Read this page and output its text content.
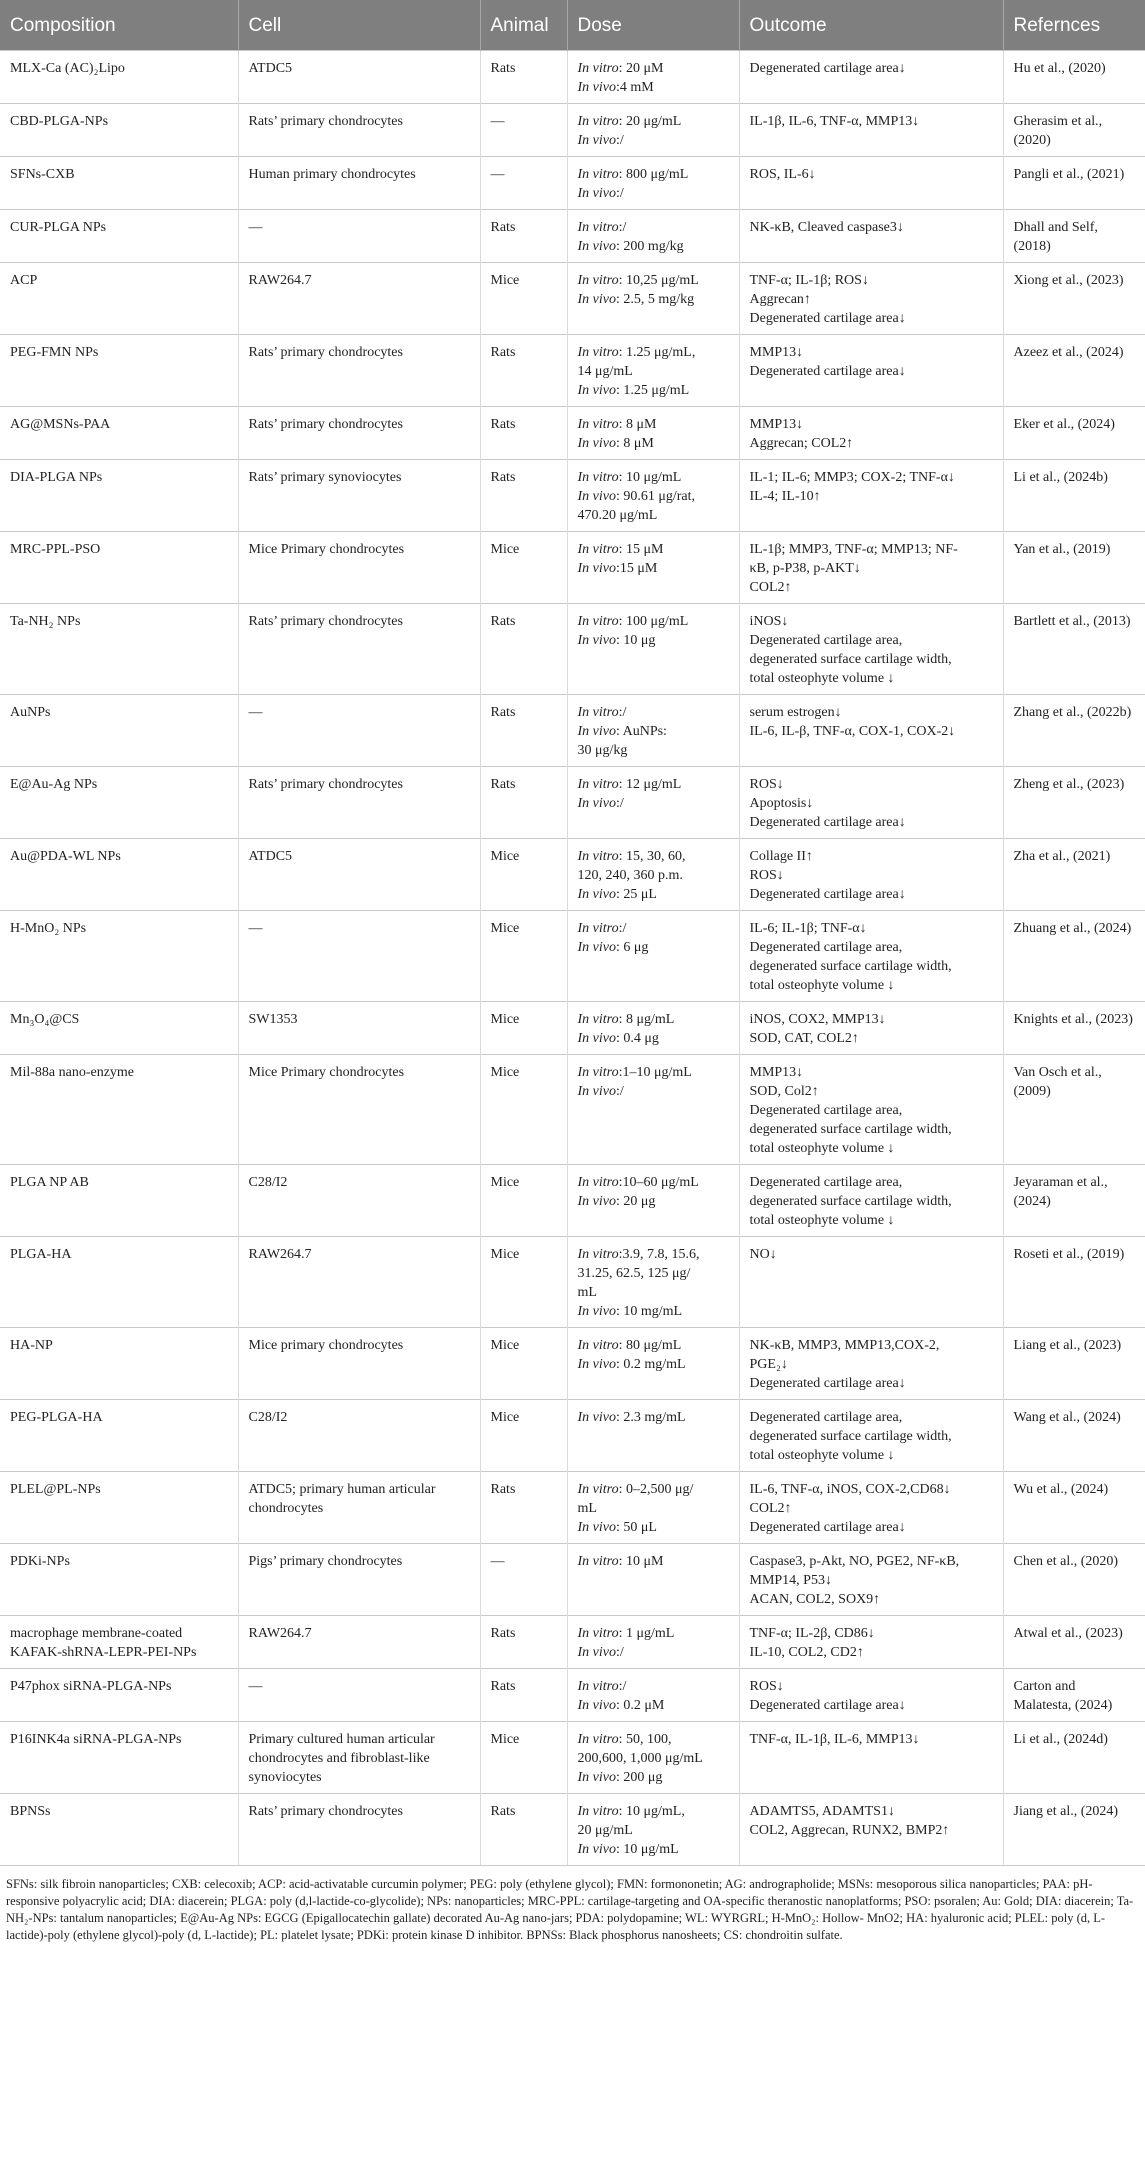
Composition	Cell	Animal	Dose	Outcome	Refernces
MLX-Ca (AC)₂Lipo	ATDC5	Rats	In vitro: 20 μM
In vivo:4 mM	Degenerated cartilage area↓	Hu et al., (2020)
CBD-PLGA-NPs	Rats’ primary chondrocytes	—	In vitro: 20 μg/mL
In vivo:/	IL-1β, IL-6, TNF-α, MMP13↓	Gherasim et al., (2020)
SFNs-CXB	Human primary chondrocytes	—	In vitro: 800 μg/mL
In vivo:/	ROS, IL-6↓	Pangli et al., (2021)
CUR-PLGA NPs	—	Rats	In vitro:/
In vivo: 200 mg/kg	NK-κB, Cleaved caspase3↓	Dhall and Self, (2018)
ACP	RAW264.7	Mice	In vitro: 10,25 μg/mL
In vivo: 2.5, 5 mg/kg	TNF-α; IL-1β; ROS↓
Aggrecan↑
Degenerated cartilage area↓	Xiong et al., (2023)
PEG-FMN NPs	Rats’ primary chondrocytes	Rats	In vitro: 1.25 μg/mL,
14 μg/mL
In vivo: 1.25 μg/mL	MMP13↓
Degenerated cartilage area↓	Azeez et al., (2024)
AG@MSNs-PAA	Rats’ primary chondrocytes	Rats	In vitro: 8 μM
In vivo: 8 μM	MMP13↓
Aggrecan; COL2↑	Eker et al., (2024)
DIA-PLGA NPs	Rats’ primary synoviocytes	Rats	In vitro: 10 μg/mL
In vivo: 90.61 μg/rat,
470.20 μg/mL	IL-1; IL-6; MMP3; COX-2; TNF-α↓
IL-4; IL-10↑	Li et al., (2024b)
MRC-PPL-PSO	Mice Primary chondrocytes	Mice	In vitro: 15 μM
In vivo:15 μM	IL-1β; MMP3, TNF-α; MMP13; NF-
κB, p-P38, p-AKT↓
COL2↑	Yan et al., (2019)
Ta-NH₂ NPs	Rats’ primary chondrocytes	Rats	In vitro: 100 μg/mL
In vivo: 10 μg	iNOS↓
Degenerated cartilage area,
degenerated surface cartilage width,
total osteophyte volume ↓	Bartlett et al., (2013)
AuNPs	—	Rats	In vitro:/
In vivo: AuNPs:
30 μg/kg	serum estrogen↓
IL-6, IL-β, TNF-α, COX-1, COX-2↓	Zhang et al., (2022b)
E@Au-Ag NPs	Rats’ primary chondrocytes	Rats	In vitro: 12 μg/mL
In vivo:/	ROS↓
Apoptosis↓
Degenerated cartilage area↓	Zheng et al., (2023)
Au@PDA-WL NPs	ATDC5	Mice	In vitro: 15, 30, 60,
120, 240, 360 p.m.
In vivo: 25 μL	Collage II↑
ROS↓
Degenerated cartilage area↓	Zha et al., (2021)
H-MnO₂ NPs	—	Mice	In vitro:/
In vivo: 6 μg	IL-6; IL-1β; TNF-α↓
Degenerated cartilage area,
degenerated surface cartilage width,
total osteophyte volume ↓	Zhuang et al., (2024)
Mn₃O₄@CS	SW1353	Mice	In vitro: 8 μg/mL
In vivo: 0.4 μg	iNOS, COX2, MMP13↓
SOD, CAT, COL2↑	Knights et al., (2023)
Mil-88a nano-enzyme	Mice Primary chondrocytes	Mice	In vitro:1–10 μg/mL
In vivo:/	MMP13↓
SOD, Col2↑
Degenerated cartilage area,
degenerated surface cartilage width,
total osteophyte volume ↓	Van Osch et al., (2009)
PLGA NP AB	C28/I2	Mice	In vitro:10–60 μg/mL
In vivo: 20 μg	Degenerated cartilage area,
degenerated surface cartilage width,
total osteophyte volume ↓	Jeyaraman et al., (2024)
PLGA-HA	RAW264.7	Mice	In vitro:3.9, 7.8, 15.6,
31.25, 62.5, 125 μg/
mL
In vivo: 10 mg/mL	NO↓	Roseti et al., (2019)
HA-NP	Mice primary chondrocytes	Mice	In vitro: 80 μg/mL
In vivo: 0.2 mg/mL	NK-κB, MMP3, MMP13,COX-2,
PGE₂↓
Degenerated cartilage area↓	Liang et al., (2023)
PEG-PLGA-HA	C28/I2	Mice	In vivo: 2.3 mg/mL	Degenerated cartilage area,
degenerated surface cartilage width,
total osteophyte volume ↓	Wang et al., (2024)
PLEL@PL-NPs	ATDC5; primary human articular chondrocytes	Rats	In vitro: 0–2,500 μg/
mL
In vivo: 50 μL	IL-6, TNF-α, iNOS, COX-2,CD68↓
COL2↑
Degenerated cartilage area↓	Wu et al., (2024)
PDKi-NPs	Pigs’ primary chondrocytes	—	In vitro: 10 μM	Caspase3, p-Akt, NO, PGE2, NF-κB,
MMP14, P53↓
ACAN, COL2, SOX9↑	Chen et al., (2020)
macrophage membrane-coated KAFAK-shRNA-LEPR-PEI-NPs	RAW264.7	Rats	In vitro: 1 μg/mL
In vivo:/	TNF-α; IL-2β, CD86↓
IL-10, COL2, CD2↑	Atwal et al., (2023)
P47phox siRNA-PLGA-NPs	—	Rats	In vitro:/
In vivo: 0.2 μM	ROS↓
Degenerated cartilage area↓	Carton and Malatesta, (2024)
P16INK4a siRNA-PLGA-NPs	Primary cultured human articular chondrocytes and fibroblast-like synoviocytes	Mice	In vitro: 50, 100,
200,600, 1,000 μg/mL
In vivo: 200 μg	TNF-α, IL-1β, IL-6, MMP13↓	Li et al., (2024d)
BPNSs	Rats’ primary chondrocytes	Rats	In vitro: 10 μg/mL,
20 μg/mL
In vivo: 10 μg/mL	ADAMTS5, ADAMTS1↓
COL2, Aggrecan, RUNX2, BMP2↑	Jiang et al., (2024)
SFNs: silk fibroin nanoparticles; CXB: celecoxib; ACP: acid-activatable curcumin polymer; PEG: poly (ethylene glycol); FMN: formononetin; AG: andrographolide; MSNs: mesoporous silica nanoparticles; PAA: pH-responsive polyacrylic acid; DIA: diacerein; PLGA: poly (d,l-lactide-co-glycolide); NPs: nanoparticles; MRC-PPL: cartilage-targeting and OA-specific theranostic nanoplatforms; PSO: psoralen; Au: Gold; DIA: diacerein; Ta-NH₂-NPs: tantalum nanoparticles; E@Au-Ag NPs: EGCG (Epigallocatechin gallate) decorated Au-Ag nano-jars; PDA: polydopamine; WL: WYRGRL; H-MnO₂: Hollow- MnO2; HA: hyaluronic acid; PLEL: poly (d, L-lactide)-poly (ethylene glycol)-poly (d, L-lactide); PL: platelet lysate; PDKi: protein kinase D inhibitor. BPNSs: Black phosphorus nanosheets; CS: chondroitin sulfate.
